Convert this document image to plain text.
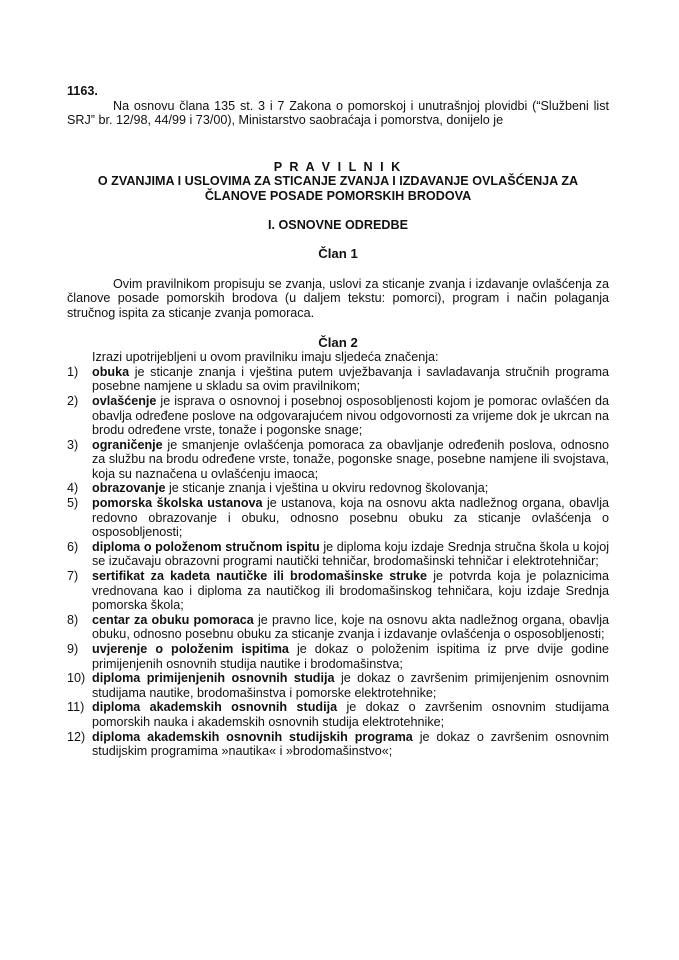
1163.
Na osnovu člana 135 st. 3 i 7 Zakona o pomorskoj i unutrašnjoj plovidbi (“Službeni list SRJ” br. 12/98, 44/99 i 73/00), Ministarstvo saobraćaja i pomorstva, donijelo je
P R A V I L N I K
O ZVANJIMA I USLOVIMA ZA STICANJE ZVANJA I IZDAVANJE OVLAŠĆENJA ZA ČLANOVE POSADE POMORSKIH BRODOVA
I. OSNOVNE ODREDBE
Član 1
Ovim pravilnikom propisuju se zvanja, uslovi za sticanje zvanja i izdavanje ovlašćenja za članove posade pomorskih brodova (u daljem tekstu: pomorci), program i način polaganja stručnog ispita za sticanje zvanja pomoraca.
Član 2
Izrazi upotrijebljeni u ovom pravilniku imaju sljedeća značenja:
1) obuka je sticanje znanja i vještina putem uvježbavanja i savladavanja stručnih programa posebne namjene u skladu sa ovim pravilnikom;
2) ovlašćenje je isprava o osnovnoj i posebnoj osposobljenosti kojom je pomorac ovlašćen da obavlja određene poslove na odgovarajućem nivou odgovornosti za vrijeme dok je ukrcan na brodu određene vrste, tonaže i pogonske snage;
3) ograničenje je smanjenje ovlašćenja pomoraca za obavljanje određenih poslova, odnosno za službu na brodu određene vrste, tonaže, pogonske snage, posebne namjene ili svojstava, koja su naznačena u ovlašćenju imaoca;
4) obrazovanje je sticanje znanja i vještina u okviru redovnog školovanja;
5) pomorska školska ustanova je ustanova, koja na osnovu akta nadležnog organa, obavlja redovno obrazovanje i obuku, odnosno posebnu obuku za sticanje ovlašćenja o osposobljenosti;
6) diploma o položenom stručnom ispitu je diploma koju izdaje Srednja stručna škola u kojoj se izučavaju obrazovni programi nautički tehničar, brodomašinski tehničar i elektrotehničar;
7) sertifikat za kadeta nautičke ili brodomašinske struke je potvrda koja je polaznicima vrednovana kao i diploma za nautičkog ili brodomašinskog tehničara, koju izdaje Srednja pomorska škola;
8) centar za obuku pomoraca je pravno lice, koje na osnovu akta nadležnog organa, obavlja obuku, odnosno posebnu obuku za sticanje zvanja i izdavanje ovlašćenja o osposobljenosti;
9) uvjerenje o položenim ispitima je dokaz o položenim ispitima iz prve dvije godine primijenjenih osnovnih studija nautike i brodomašinstva;
10) diploma primijenjenih osnovnih studija je dokaz o završenim primijenjenim osnovnim studijama nautike, brodomašinstva i pomorske elektrotehnike;
11) diploma akademskih osnovnih studija je dokaz o završenim osnovnim studijama pomorskih nauka i akademskih osnovnih studija elektrotehnike;
12) diploma akademskih osnovnih studijskih programa je dokaz o završenim osnovnim studijskim programima »nautika« i »brodomašinstvo«;
